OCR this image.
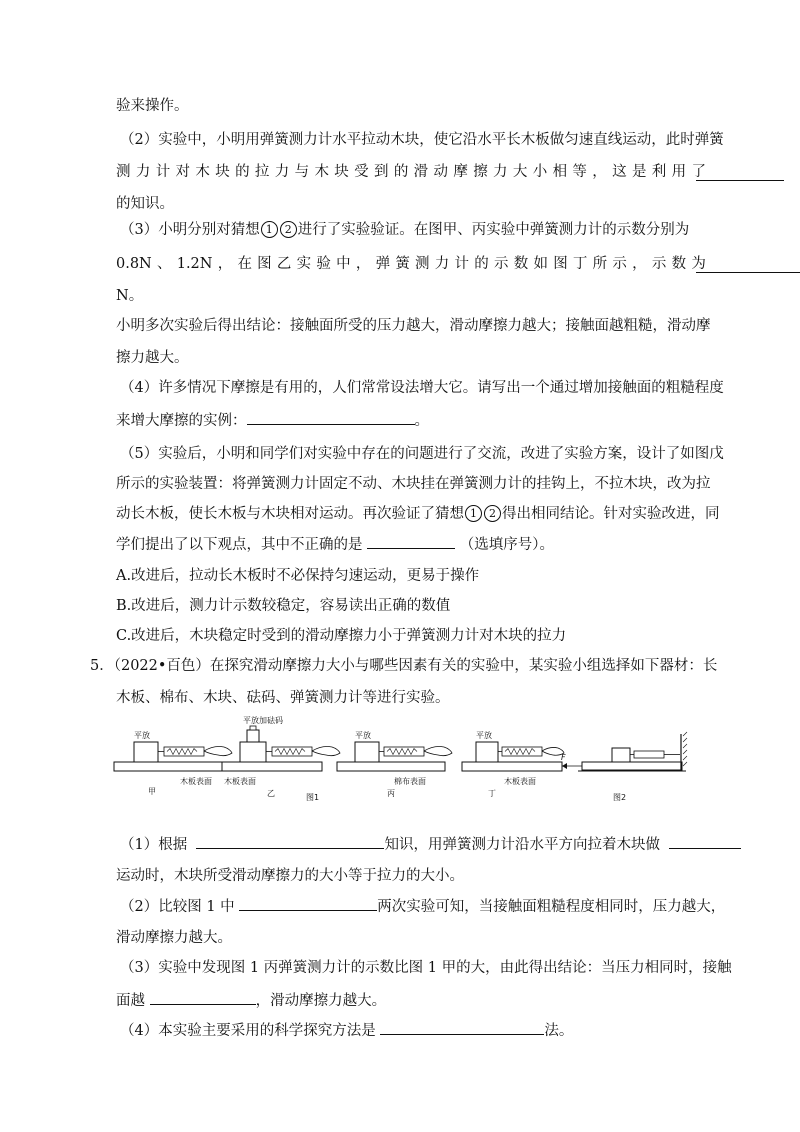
验来操作。
（2）实验中，小明用弹簧测力计水平拉动木块，使它沿水平长木板做匀速直线运动，此时弹簧
测 力 计 对 木 块 的 拉 力 与 木 块 受 到 的 滑 动 摩 擦 力 大 小 相 等 ， 这 是 利 用 了
的知识。
（3）小明分别对猜想 1 2 进行了实验验证。在图甲、丙实验中弹簧测力计的示数分别为
0.8N 、 1.2N ， 在 图 乙 实 验 中 ， 弹 簧 测 力 计 的 示 数 如 图 丁 所 示 ， 示 数 为
N。
小明多次实验后得出结论：接触面所受的压力越大，滑动摩擦力越大；接触面越粗糙，滑动摩
擦力越大。
（4）许多情况下摩擦是有用的，人们常常设法增大它。请写出一个通过增加接触面的粗糙程度
来增大摩擦的实例：	。
（5）实验后，小明和同学们对实验中存在的问题进行了交流，改进了实验方案，设计了如图戊
所示的实验装置：将弹簧测力计固定不动、木块挂在弹簧测力计的挂钩上，不拉木块，改为拉
动长木板，使长木板与木块相对运动。再次验证了猜想 1 2 得出相同结论。针对实验改进，同
学们提出了以下观点，其中不正确的是	（选填序号）。
A.改进后，拉动长木板时不必保持匀速运动，更易于操作
B.改进后，测力计示数较稳定，容易读出正确的数值
C.改进后，木块稳定时受到的滑动摩擦力小于弹簧测力计对木块的拉力
5．（2022•百色）在探究滑动摩擦力大小与哪些因素有关的实验中，某实验小组选择如下器材：长
木板、棉布、木块、砝码、弹簧测力计等进行实验。
平放
木板表面
甲
平放加砝码
木板表面
乙
平放
棉布表面
丙
图1
平放
木板表面
丁
F
图2
（1）根据	知识，用弹簧测力计沿水平方向拉着木块做
运动时，木块所受滑动摩擦力的大小等于拉力的大小。
（2）比较图 1 中	两次实验可知，当接触面粗糙程度相同时，压力越大，
滑动摩擦力越大。
（3）实验中发现图 1 丙弹簧测力计的示数比图 1 甲的大，由此得出结论：当压力相同时，接触
面越	，滑动摩擦力越大。
（4）本实验主要采用的科学探究方法是	法。
